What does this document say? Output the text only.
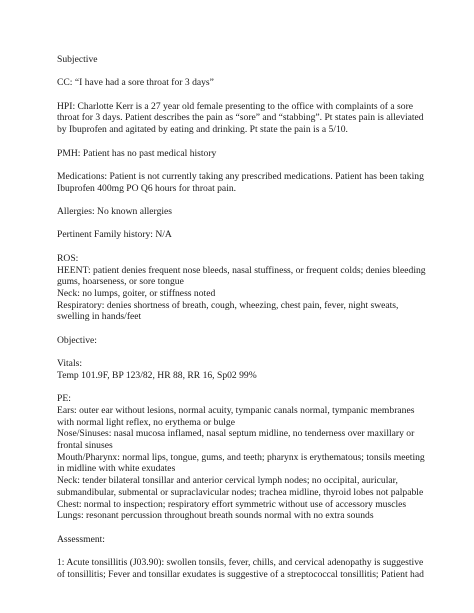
Subjective
CC: “I have had a sore throat for 3 days”
HPI: Charlotte Kerr is a 27 year old female presenting to the office with complaints of a sore
throat for 3 days. Patient describes the pain as “sore” and “stabbing”. Pt states pain is alleviated
by Ibuprofen and agitated by eating and drinking. Pt state the pain is a 5/10.
PMH: Patient has no past medical history
Medications: Patient is not currently taking any prescribed medications. Patient has been taking
Ibuprofen 400mg PO Q6 hours for throat pain.
Allergies: No known allergies
Pertinent Family history: N/A
ROS:
HEENT: patient denies frequent nose bleeds, nasal stuffiness, or frequent colds; denies bleeding
gums, hoarseness, or sore tongue
Neck: no lumps, goiter, or stiffness noted
Respiratory: denies shortness of breath, cough, wheezing, chest pain, fever, night sweats,
swelling in hands/feet
Objective:
Vitals:
Temp 101.9F, BP 123/82, HR 88, RR 16, Sp02 99%
PE:
Ears: outer ear without lesions, normal acuity, tympanic canals normal, tympanic membranes
with normal light reflex, no erythema or bulge
Nose/Sinuses: nasal mucosa inflamed, nasal septum midline, no tenderness over maxillary or
frontal sinuses
Mouth/Pharynx: normal lips, tongue, gums, and teeth; pharynx is erythematous; tonsils meeting
in midline with white exudates
Neck: tender bilateral tonsillar and anterior cervical lymph nodes; no occipital, auricular,
submandibular, submental or supraclavicular nodes; trachea midline, thyroid lobes not palpable
Chest: normal to inspection; respiratory effort symmetric without use of accessory muscles
Lungs: resonant percussion throughout breath sounds normal with no extra sounds
Assessment:
1: Acute tonsillitis (J03.90): swollen tonsils, fever, chills, and cervical adenopathy is suggestive
of tonsillitis; Fever and tonsillar exudates is suggestive of a streptococcal tonsillitis; Patient had
